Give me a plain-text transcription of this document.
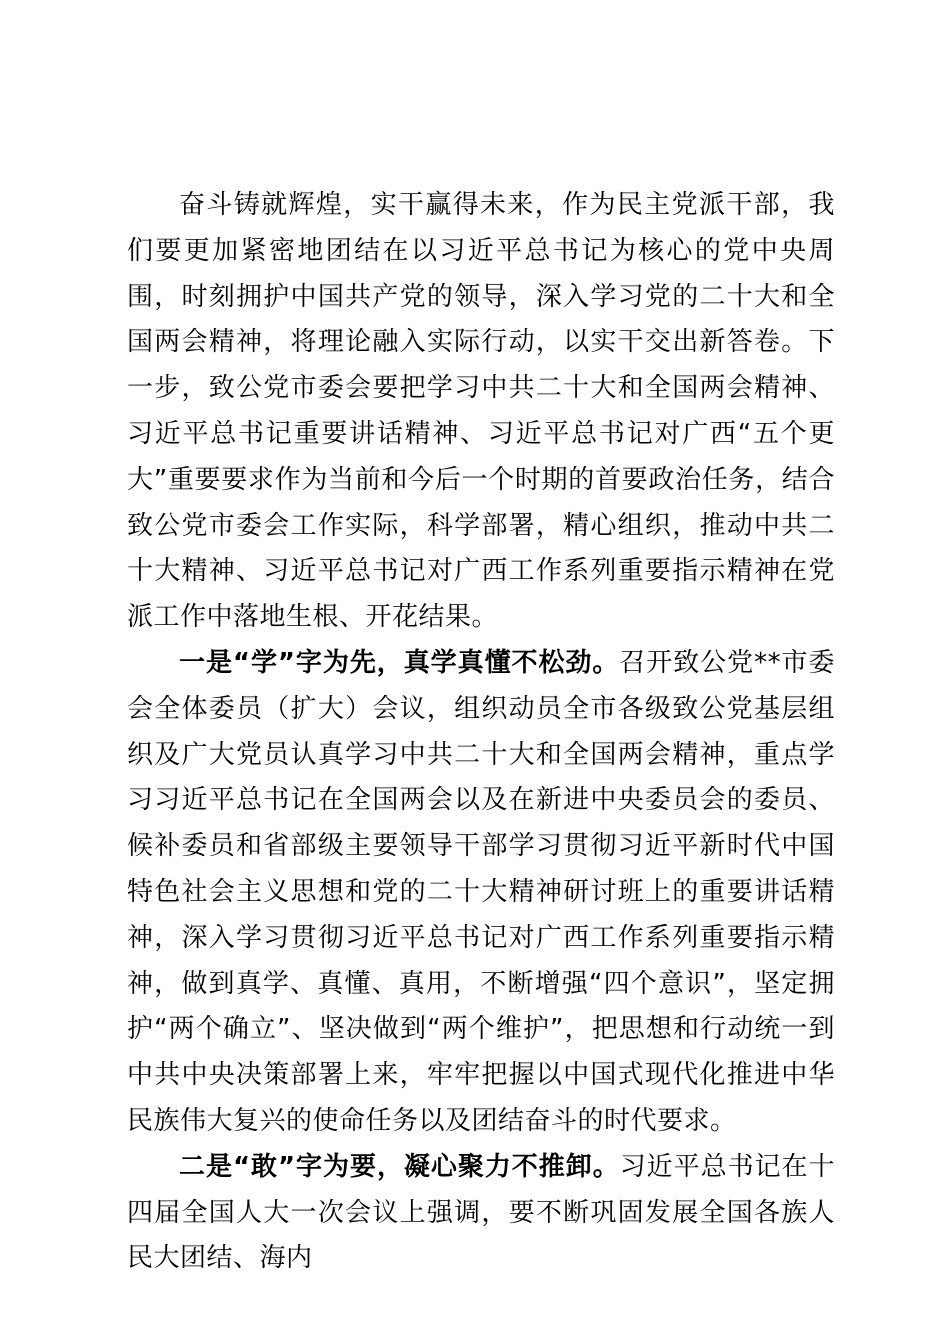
奋斗铸就辉煌，实干赢得未来，作为民主党派干部，我们要更加紧密地团结在以习近平总书记为核心的党中央周围，时刻拥护中国共产党的领导，深入学习党的二十大和全国两会精神，将理论融入实际行动，以实干交出新答卷。下一步，致公党市委会要把学习中共二十大和全国两会精神、习近平总书记重要讲话精神、习近平总书记对广西“五个更大”重要要求作为当前和今后一个时期的首要政治任务，结合致公党市委会工作实际，科学部署，精心组织，推动中共二十大精神、习近平总书记对广西工作系列重要指示精神在党派工作中落地生根、开花结果。

一是“学”字为先，真学真懂不松劲。召开致公党**市委会全体委员（扩大）会议，组织动员全市各级致公党基层组织及广大党员认真学习中共二十大和全国两会精神，重点学习习近平总书记在全国两会以及在新进中央委员会的委员、候补委员和省部级主要领导干部学习贯彻习近平新时代中国特色社会主义思想和党的二十大精神研讨班上的重要讲话精神，深入学习贯彻习近平总书记对广西工作系列重要指示精神，做到真学、真懂、真用，不断增强“四个意识”，坚定拥护“两个确立”、坚决做到“两个维护”，把思想和行动统一到中共中央决策部署上来，牢牢把握以中国式现代化推进中华民族伟大复兴的使命任务以及团结奋斗的时代要求。

二是“敢”字为要，凝心聚力不推卸。习近平总书记在十四届全国人大一次会议上强调，要不断巩固发展全国各族人民大团结、海内
